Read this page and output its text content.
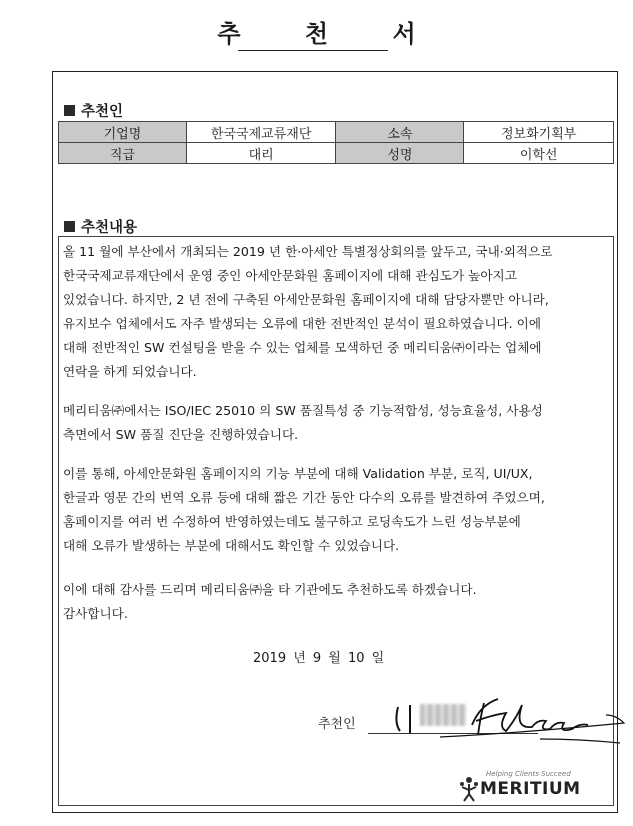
추 천 서
추천인
기업명	한국국제교류재단	소속	정보화기획부
직급	대리	성명	이학선
추천내용
올 11 월에 부산에서 개최되는 2019 년 한·아세안 특별정상회의를 앞두고, 국내·외적으로
한국국제교류재단에서 운영 중인 아세안문화원 홈페이지에 대해 관심도가 높아지고
있었습니다. 하지만, 2 년 전에 구축된 아세안문화원 홈페이지에 대해 담당자뿐만 아니라,
유지보수 업체에서도 자주 발생되는 오류에 대한 전반적인 분석이 필요하였습니다. 이에
대해 전반적인 SW 컨설팅을 받을 수 있는 업체를 모색하던 중 메리티움㈜이라는 업체에
연락을 하게 되었습니다.
메리티움㈜에서는 ISO/IEC 25010 의 SW 품질특성 중 기능적합성, 성능효율성, 사용성
측면에서 SW 품질 진단을 진행하였습니다.
이를 통해, 아세안문화원 홈페이지의 기능 부분에 대해 Validation 부분, 로직, UI/UX,
한글과 영문 간의 번역 오류 등에 대해 짧은 기간 동안 다수의 오류를 발견하여 주었으며,
홈페이지를 여러 번 수정하여 반영하였는데도 불구하고 로딩속도가 느린 성능부분에
대해 오류가 발생하는 부분에 대해서도 확인할 수 있었습니다.
이에 대해 감사를 드리며 메리티움㈜을 타 기관에도 추천하도록 하겠습니다.
감사합니다.
2019 년 9 월 10 일
추천인
Helping Clients Succeed
MERITIUM
